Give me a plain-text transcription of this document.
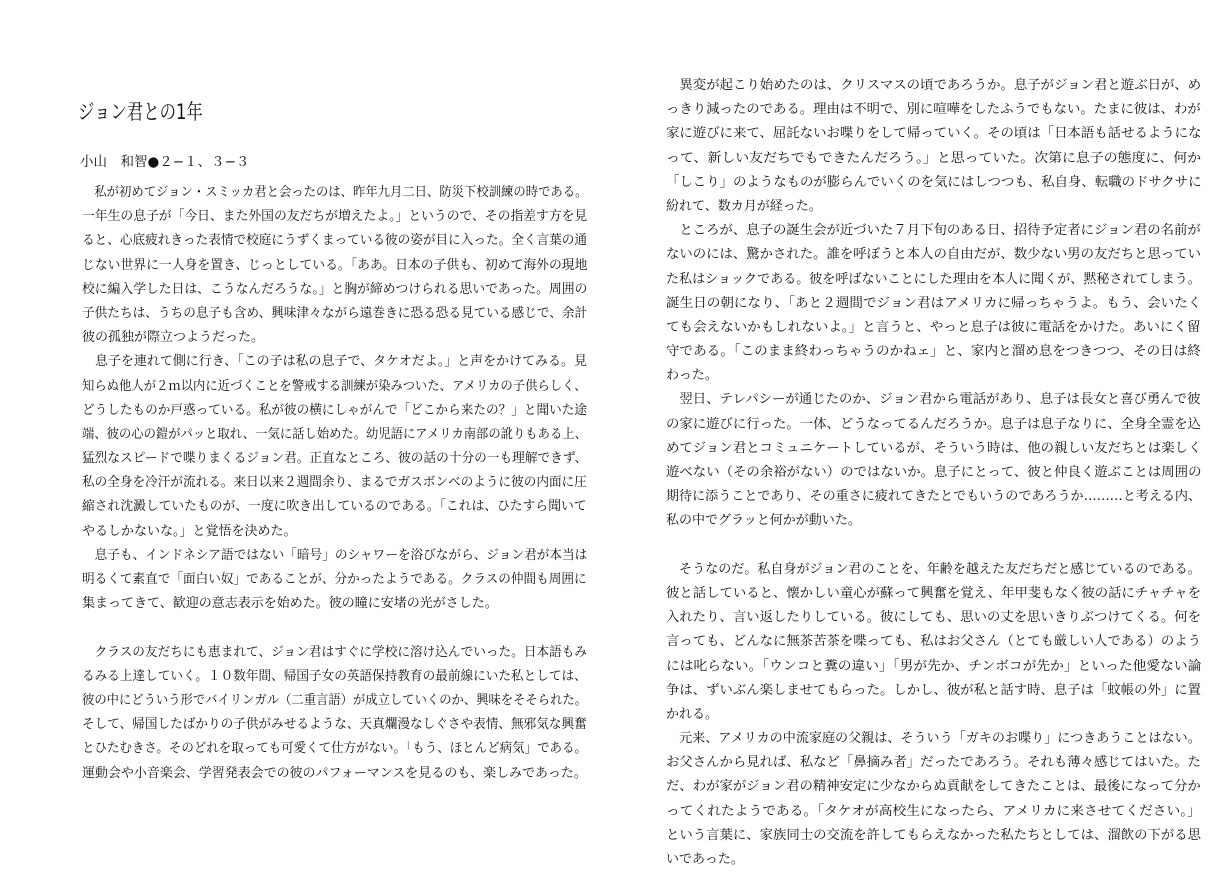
ジョン君との1年
小山　和智●２−１、３−３
　私が初めてジョン・スミッカ君と会ったのは、昨年九月二日、防災下校訓練の時である。
一年生の息子が「今日、また外国の友だちが増えたよ。」というので、その指差す方を見
ると、心底疲れきった表情で校庭にうずくまっている彼の姿が目に入った。全く言葉の通
じない世界に一人身を置き、じっとしている。「ああ。日本の子供も、初めて海外の現地
校に編入学した日は、こうなんだろうな。」と胸が締めつけられる思いであった。周囲の
子供たちは、うちの息子も含め、興味津々ながら遠巻きに恐る恐る見ている感じで、余計
彼の孤独が際立つようだった。
　息子を連れて側に行き、「この子は私の息子で、タケオだよ。」と声をかけてみる。見
知らぬ他人が２ｍ以内に近づくことを警戒する訓練が染みついた、アメリカの子供らしく、
どうしたものか戸惑っている。私が彼の横にしゃがんで「どこから来たの？」と聞いた途
端、彼の心の鎧がパッと取れ、一気に話し始めた。幼児語にアメリカ南部の訛りもある上、
猛烈なスピードで喋りまくるジョン君。正直なところ、彼の話の十分の一も理解できず、
私の全身を冷汗が流れる。来日以来２週間余り、まるでガスボンベのように彼の内面に圧
縮され沈澱していたものが、一度に吹き出しているのである。「これは、ひたすら聞いて
やるしかないな。」と覚悟を決めた。
　息子も、インドネシア語ではない「暗号」のシャワーを浴びながら、ジョン君が本当は
明るくて素直で「面白い奴」であることが、分かったようである。クラスの仲間も周囲に
集まってきて、歓迎の意志表示を始めた。彼の瞳に安堵の光がさした。
　クラスの友だちにも恵まれて、ジョン君はすぐに学校に溶け込んでいった。日本語もみ
るみる上達していく。１０数年間、帰国子女の英語保持教育の最前線にいた私としては、
彼の中にどういう形でバイリンガル（二重言語）が成立していくのか、興味をそそられた。
そして、帰国したばかりの子供がみせるような、天真爛漫なしぐさや表情、無邪気な興奮
とひたむきさ。そのどれを取っても可愛くて仕方がない。「もう、ほとんど病気」である。
運動会や小音楽会、学習発表会での彼のパフォーマンスを見るのも、楽しみであった。
　異変が起こり始めたのは、クリスマスの頃であろうか。息子がジョン君と遊ぶ日が、め
っきり減ったのである。理由は不明で、別に喧嘩をしたふうでもない。たまに彼は、わが
家に遊びに来て、屈託ないお喋りをして帰っていく。その頃は「日本語も話せるようにな
って、新しい友だちでもできたんだろう。」と思っていた。次第に息子の態度に、何か
「しこり」のようなものが膨らんでいくのを気にはしつつも、私自身、転職のドサクサに
紛れて、数カ月が経った。
　ところが、息子の誕生会が近づいた７月下旬のある日、招待予定者にジョン君の名前が
ないのには、驚かされた。誰を呼ぼうと本人の自由だが、数少ない男の友だちと思ってい
た私はショックである。彼を呼ばないことにした理由を本人に聞くが、黙秘されてしまう。
誕生日の朝になり、「あと２週間でジョン君はアメリカに帰っちゃうよ。もう、会いたく
ても会えないかもしれないよ。」と言うと、やっと息子は彼に電話をかけた。あいにく留
守である。「このまま終わっちゃうのかねェ」と、家内と溜め息をつきつつ、その日は終
わった。
　翌日、テレパシーが通じたのか、ジョン君から電話があり、息子は長女と喜び勇んで彼
の家に遊びに行った。一体、どうなってるんだろうか。息子は息子なりに、全身全霊を込
めてジョン君とコミュニケートしているが、そういう時は、他の親しい友だちとは楽しく
遊べない（その余裕がない）のではないか。息子にとって、彼と仲良く遊ぶことは周囲の
期待に添うことであり、その重さに疲れてきたとでもいうのであろうか………と考える内、
私の中でグラッと何かが動いた。
　そうなのだ。私自身がジョン君のことを、年齢を越えた友だちだと感じているのである。
彼と話していると、懐かしい童心が蘇って興奮を覚え、年甲斐もなく彼の話にチャチャを
入れたり、言い返したりしている。彼にしても、思いの丈を思いきりぶつけてくる。何を
言っても、どんなに無茶苦茶を喋っても、私はお父さん（とても厳しい人である）のよう
には叱らない。「ウンコと糞の違い」「男が先か、チンボコが先か」といった他愛ない論
争は、ずいぶん楽しませてもらった。しかし、彼が私と話す時、息子は「蚊帳の外」に置
かれる。
　元来、アメリカの中流家庭の父親は、そういう「ガキのお喋り」につきあうことはない。
お父さんから見れば、私など「鼻摘み者」だったであろう。それも薄々感じてはいた。た
だ、わが家がジョン君の精神安定に少なからぬ貢献をしてきたことは、最後になって分か
ってくれたようである。「タケオが高校生になったら、アメリカに来させてください。」
という言葉に、家族同士の交流を許してもらえなかった私たちとしては、溜飲の下がる思
いであった。
